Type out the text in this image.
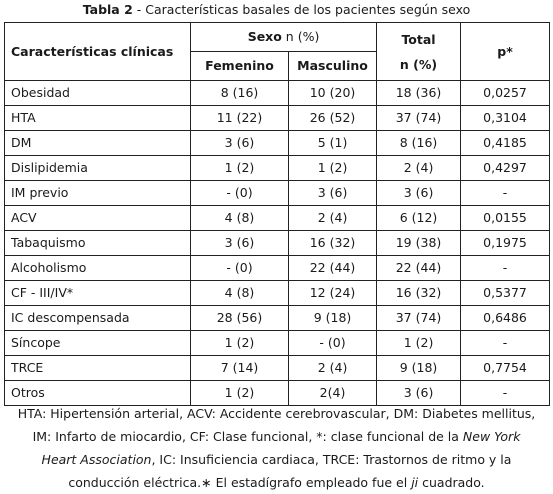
Tabla 2 - Características basales de los pacientes según sexo
Características clínicas	Sexo n (%)		Total
n (%)	p*
	Femenino	Masculino		
Obesidad	8 (16)	10 (20)	18 (36)	0,0257
HTA	11 (22)	26 (52)	37 (74)	0,3104
DM	3 (6)	5 (1)	8 (16)	0,4185
Dislipidemia	1 (2)	1 (2)	2 (4)	0,4297
IM previo	- (0)	3 (6)	3 (6)	-
ACV	4 (8)	2 (4)	6 (12)	0,0155
Tabaquismo	3 (6)	16 (32)	19 (38)	0,1975
Alcoholismo	- (0)	22 (44)	22 (44)	-
CF - III/IV*	4 (8)	12 (24)	16 (32)	0,5377
IC descompensada	28 (56)	9 (18)	37 (74)	0,6486
Síncope	1 (2)	- (0)	1 (2)	-
TRCE	7 (14)	2 (4)	9 (18)	0,7754
Otros	1 (2)	2(4)	3 (6)	-
HTA: Hipertensión arterial, ACV: Accidente cerebrovascular, DM: Diabetes mellitus,
IM: Infarto de miocardio, CF: Clase funcional, *: clase funcional de la New York
Heart Association, IC: Insuficiencia cardiaca, TRCE: Trastornos de ritmo y la
conducción eléctrica.∗ El estadígrafo empleado fue el ji cuadrado.
